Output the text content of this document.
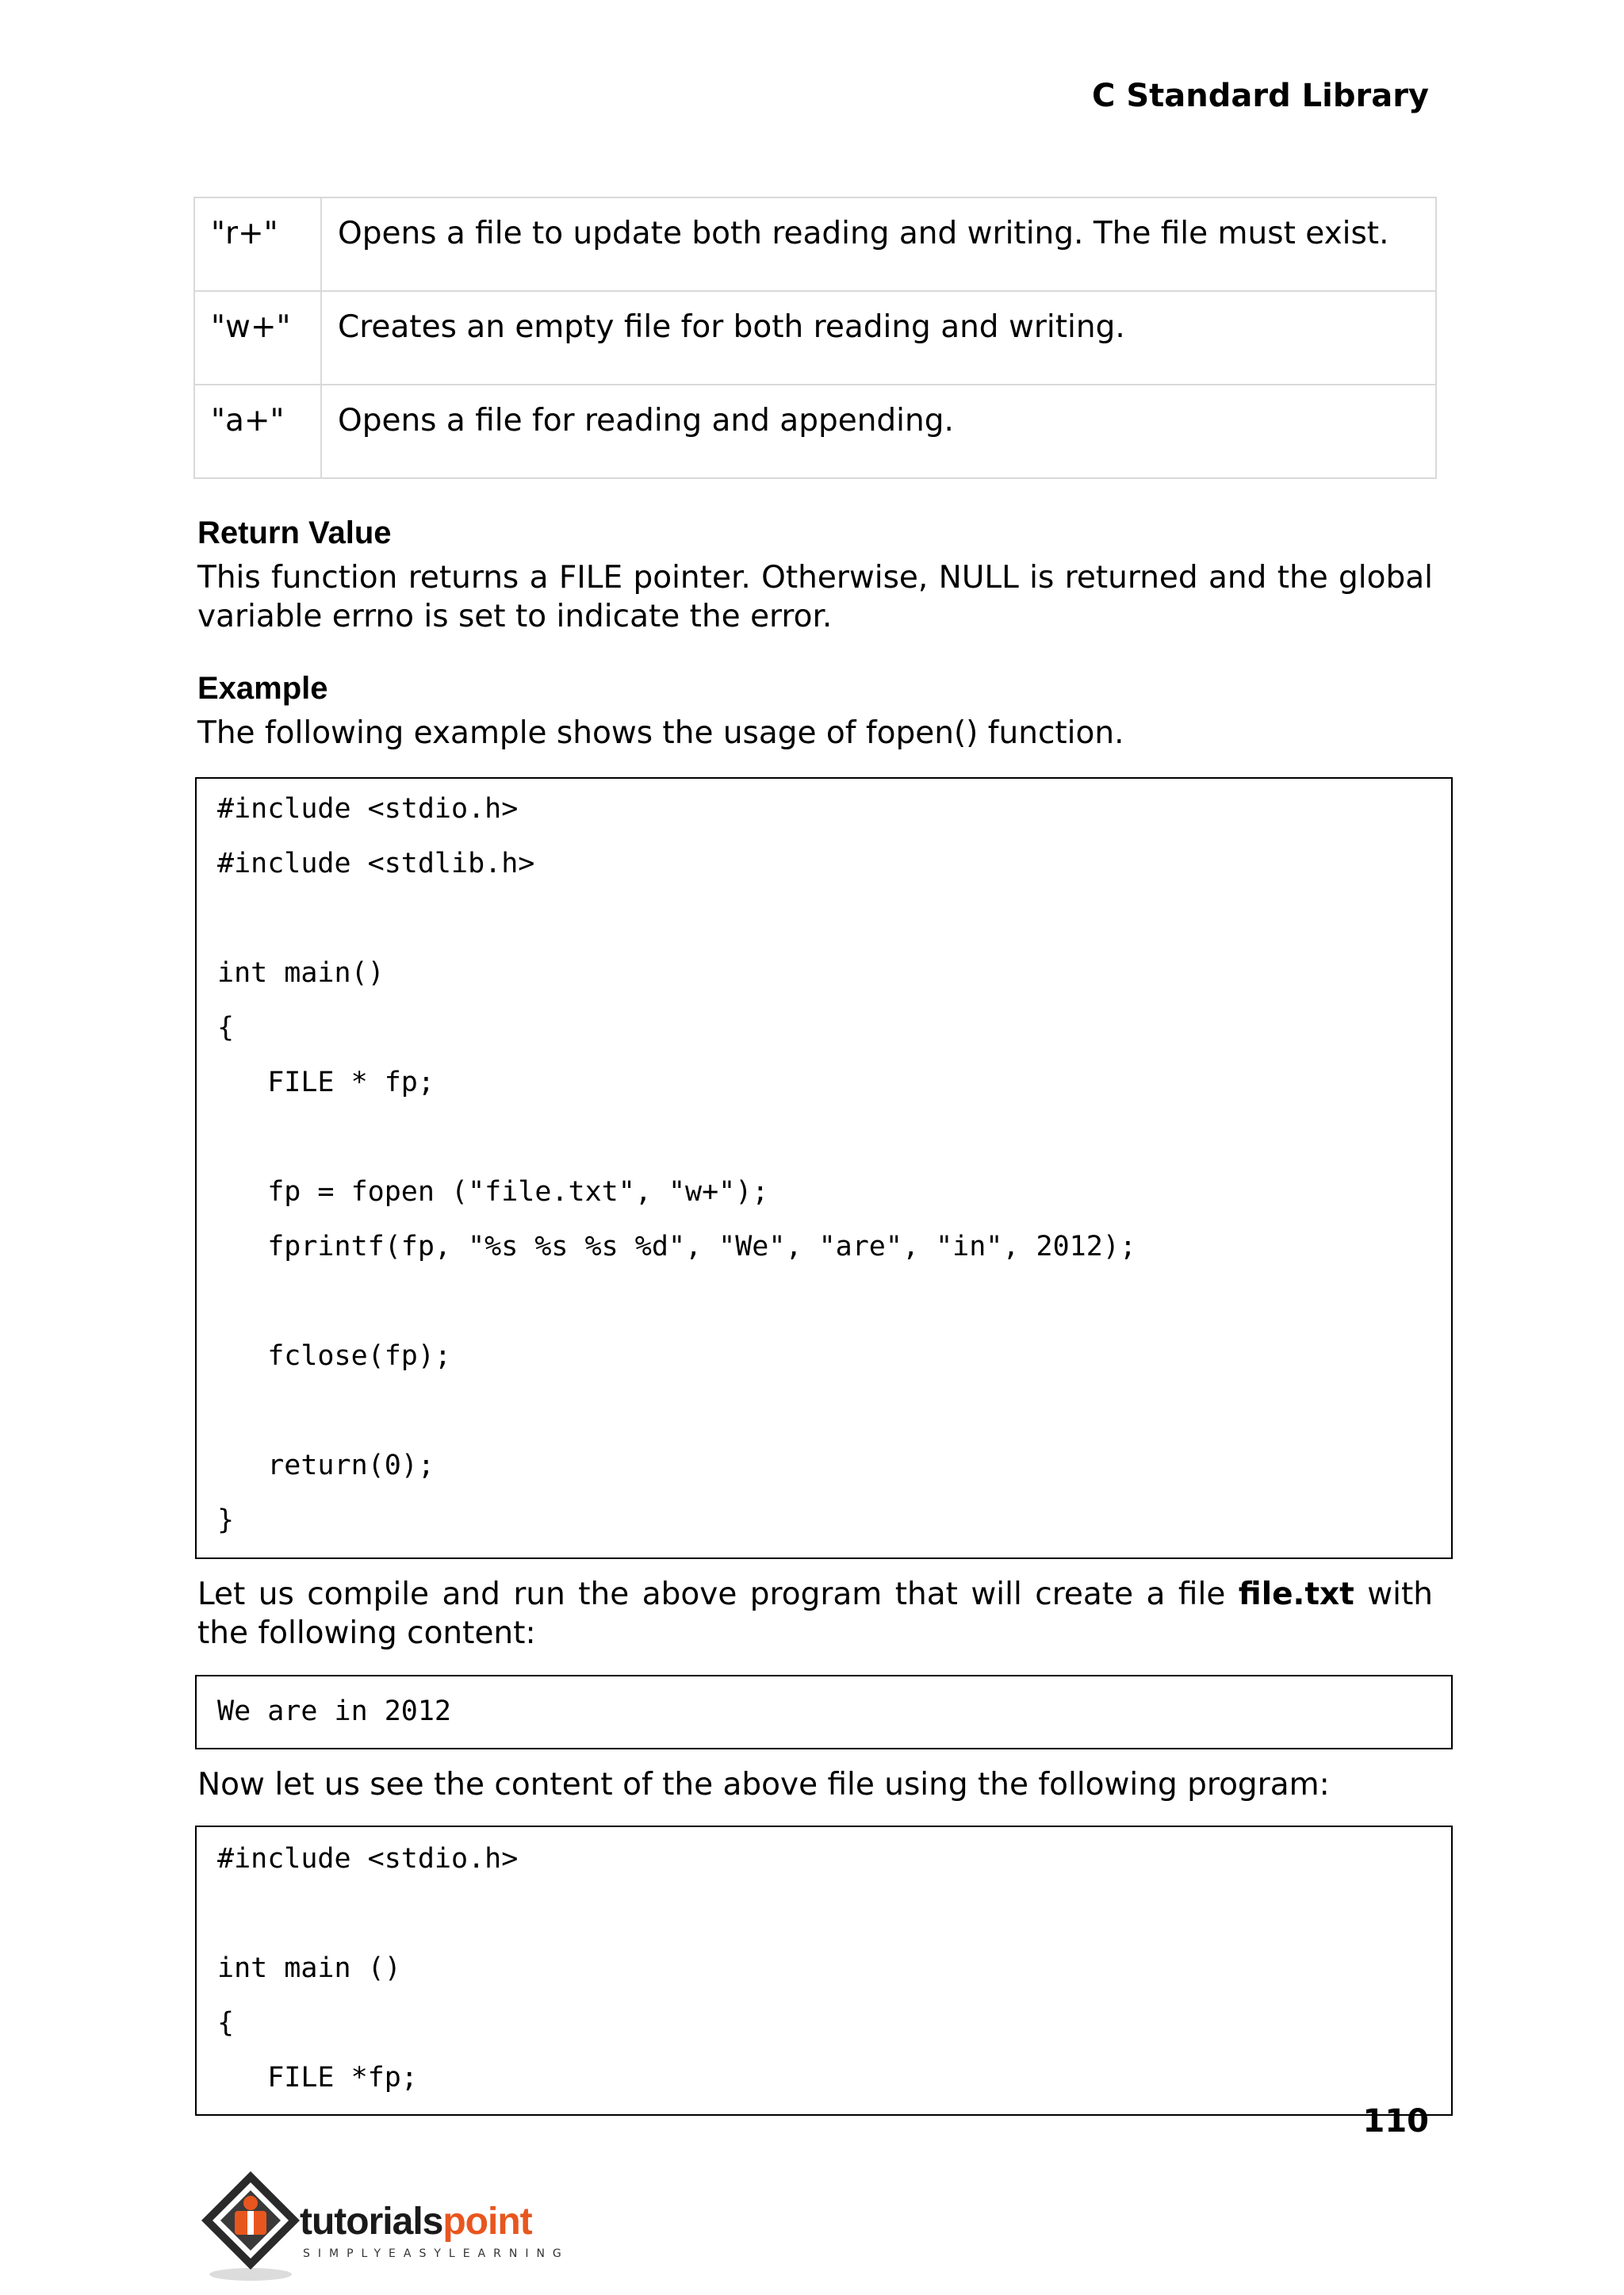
C Standard Library
"r+"	Opens a file to update both reading and writing. The file must exist.
"w+"	Creates an empty file for both reading and writing.
"a+"	Opens a file for reading and appending.
Return Value
This function returns a FILE pointer. Otherwise, NULL is returned and the global variable errno is set to indicate the error.
Example
The following example shows the usage of fopen() function.
#include <stdio.h>
#include <stdlib.h>
int main()
{
FILE * fp;
fp = fopen ("file.txt", "w+");
fprintf(fp, "%s %s %s %d", "We", "are", "in", 2012);
fclose(fp);
return(0);
}
Let us compile and run the above program that will create a file file.txt with the following content:
We are in 2012
Now let us see the content of the above file using the following program:
#include <stdio.h>
int main ()
{
FILE *fp;
110
tutorialspoint
SIMPLYEASYLEARNING
